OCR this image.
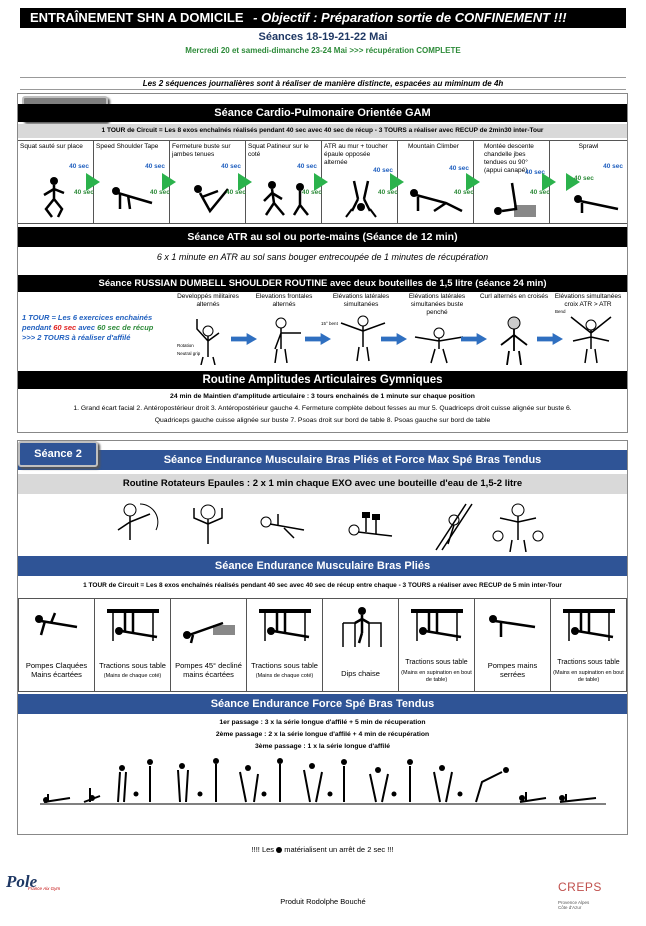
ENTRAÎNEMENT SHN A DOMICILE - Objectif : Préparation sortie de CONFINEMENT !!!
Séances 18-19-21-22 Mai
Mercredi 20 et samedi-dimanche 23-24 Mai >>> récupération COMPLETE
Les 2 séquences journalières sont à réaliser de manière distincte, espacées au miminum de 4h
Séance Cardio-Pulmonaire Orientée GAM
1 TOUR de Circuit = Les 8 exos enchaînés réalisés pendant 40 sec avec 40 sec de récup - 3 TOURS a réaliser avec RECUP de 2min30 inter-Tour
Squat sauté sur place
40 sec
Speed Shoulder Tape
40 sec
Fermeture buste sur jambes tenues
40 sec
Squat Patineur sur le coté
40 sec
ATR au mur + toucher épaule opposée alternée
40 sec
Mountain Climber
40 sec
Montée descente chandelle jbes tendues ou 90° (appui canapé)
40 sec
Sprawl
40 sec
40 sec	40 sec	40 sec	40 sec	40 sec	40 sec	40 sec
40 sec
Séance ATR au sol ou porte-mains (Séance de 12 min)
6 x 1 minute en ATR au sol sans bouger entrecoupée de 1 minutes de récupération
Séance RUSSIAN DUMBELL SHOULDER ROUTINE avec deux bouteilles de 1,5 litre (séance 24 min)
1 TOUR = Les 6 exercices enchainés
pendant 60 sec avec 60 sec de récup
>>> 2 TOURS à réaliser d'affilé
Developpés militaires alternés
Elevations frontales alternés
Elévations latérales simultanées
Elévations latérales simultanées buste penché
Curl alternés en croisés	Elévations simultanées croix ATR > ATR
Rotation
Neutral grip
15° bent
Bend
Routine Amplitudes Articulaires Gymniques
24 min de Maintien d'amplitude articulaire : 3 tours enchainés de 1 minute sur chaque position
1. Grand écart facial 2. Antéropostérieur droit 3. Antéropostérieur gauche 4. Fermeture complète debout fesses au mur 5. Quadriceps droit cuisse alignée sur buste 6.
Quadriceps gauche cuisse alignée sur buste 7. Psoas droit sur bord de table 8. Psoas gauche sur bord de table
Séance Endurance Musculaire Bras Pliés et Force Max Spé Bras Tendus
Séance 2
Routine Rotateurs Epaules : 2 x 1 min chaque EXO avec une bouteille d'eau de 1,5-2 litre
Séance Endurance Musculaire Bras Pliés
1 TOUR de Circuit = Les 8 exos enchaînés réalisés pendant 40 sec avec 40 sec de récup entre chaque - 3 TOURS a réaliser avec RECUP de 5 min inter-Tour
Pompes Claquées Mains écartées
Tractions sous table
(Mains de chaque coté)
Pompes 45° decliné mains écartées
Tractions sous table
(Mains de chaque coté)	Dips chaise
Tractions sous table
(Mains en supination en bout de table)
Pompes mains serrées
Tractions sous table
(Mains en supination en bout de table)
Séance Endurance Force Spé Bras Tendus
1er passage : 3 x la série longue d'affilé + 5 min de récuperation
2ème passage : 2 x la série longue d'affilé + 4 min de récupération
3ème passage : 1 x la série longue d'affilé
!!!! Les matérialisent un arrêt de 2 sec !!!
Pole
France Aix Gym
Produit Rodolphe Bouché
CREPS Provence Alpes Côte d'Azur
